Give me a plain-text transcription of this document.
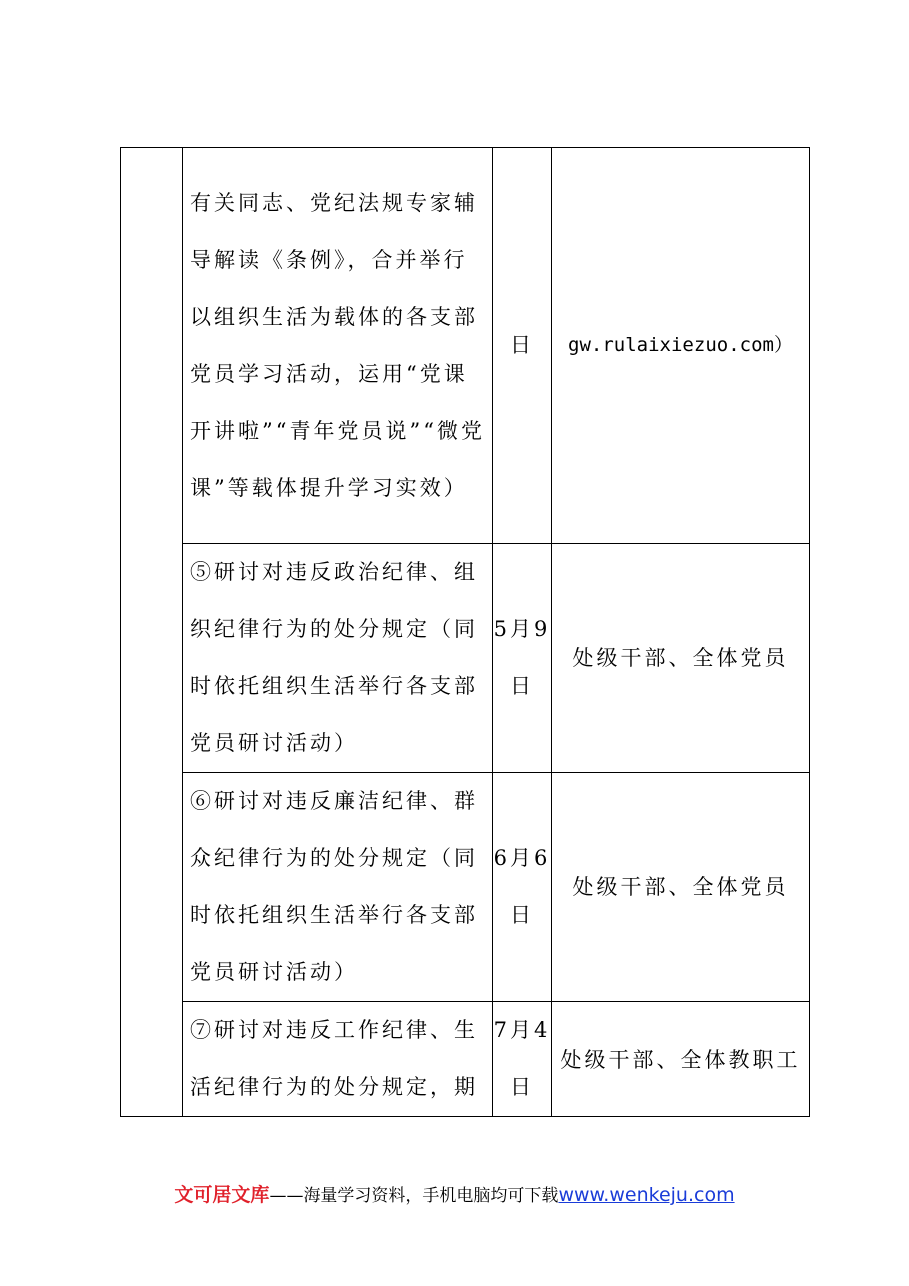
	有关同志、党纪法规专家辅导解读《条例》，合并举行以组织生活为载体的各支部党员学习活动，运用“党课开讲啦”“青年党员说”“微党课”等载体提升学习实效）	日	gw.rulaixiezuo.com）

	⑤研讨对违反政治纪律、组织纪律行为的处分规定（同时依托组织生活举行各支部党员研讨活动）	5月9日	处级干部、全体党员

	⑥研讨对违反廉洁纪律、群众纪律行为的处分规定（同时依托组织生活举行各支部党员研讨活动）	6月6日	处级干部、全体党员

	⑦研讨对违反工作纪律、生活纪律行为的处分规定，期	7月4日	处级干部、全体教职工
文可居文库——海量学习资料，手机电脑均可下载www.wenkeju.com
